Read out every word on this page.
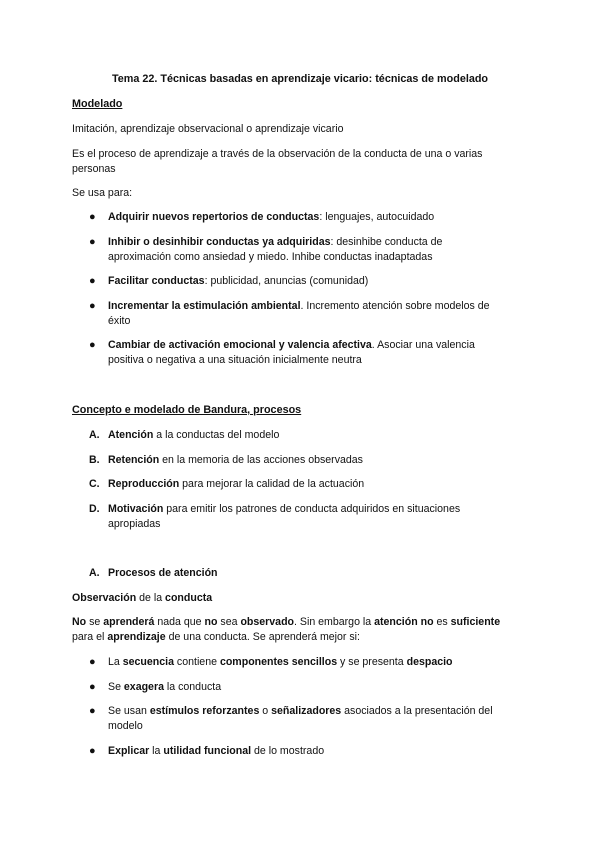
Tema 22. Técnicas basadas en aprendizaje vicario: técnicas de modelado
Modelado
Imitación, aprendizaje observacional o aprendizaje vicario
Es el proceso de aprendizaje a través de la observación de la conducta de una o varias
personas
Se usa para:
● Adquirir nuevos repertorios de conductas: lenguajes, autocuidado
● Inhibir o desinhibir conductas ya adquiridas: desinhibe conducta de
aproximación como ansiedad y miedo. Inhibe conductas inadaptadas
● Facilitar conductas: publicidad, anuncias (comunidad)
● Incrementar la estimulación ambiental. Incremento atención sobre modelos de
éxito
● Cambiar de activación emocional y valencia afectiva. Asociar una valencia
positiva o negativa a una situación inicialmente neutra
Concepto e modelado de Bandura, procesos
A. Atención a la conductas del modelo
B. Retención en la memoria de las acciones observadas
C. Reproducción para mejorar la calidad de la actuación
D. Motivación para emitir los patrones de conducta adquiridos en situaciones
apropiadas
A. Procesos de atención
Observación de la conducta
No se aprenderá nada que no sea observado. Sin embargo la atención no es suficiente
para el aprendizaje de una conducta. Se aprenderá mejor si:
● La secuencia contiene componentes sencillos y se presenta despacio
● Se exagera la conducta
● Se usan estímulos reforzantes o señalizadores asociados a la presentación del
modelo
● Explicar la utilidad funcional de lo mostrado
